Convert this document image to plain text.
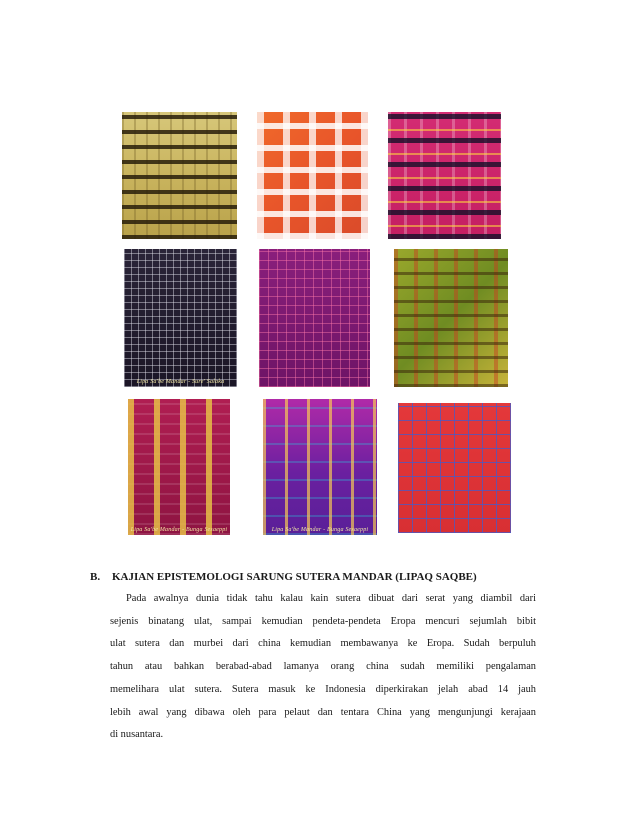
Lipa Sa'be Mandar - Sure' Salaka
Lipa Sa'be Mandar - Bunga Sesaeppi	Lipa Sa'be Mandar - Bunga Sesaeppi
B. KAJIAN EPISTEMOLOGI SARUNG SUTERA MANDAR (LIPAQ SAQBE)
Pada awalnya dunia tidak tahu kalau kain sutera dibuat dari serat yang diambil dari
sejenis binatang ulat, sampai kemudian pendeta-pendeta Eropa mencuri sejumlah bibit
ulat sutera dan murbei dari china kemudian membawanya ke Eropa. Sudah berpuluh
tahun atau bahkan berabad-abad lamanya orang china sudah memiliki pengalaman
memelihara ulat sutera. Sutera masuk ke Indonesia diperkirakan jelah abad 14 jauh
lebih awal yang dibawa oleh para pelaut dan tentara China yang mengunjungi kerajaan
di nusantara.
